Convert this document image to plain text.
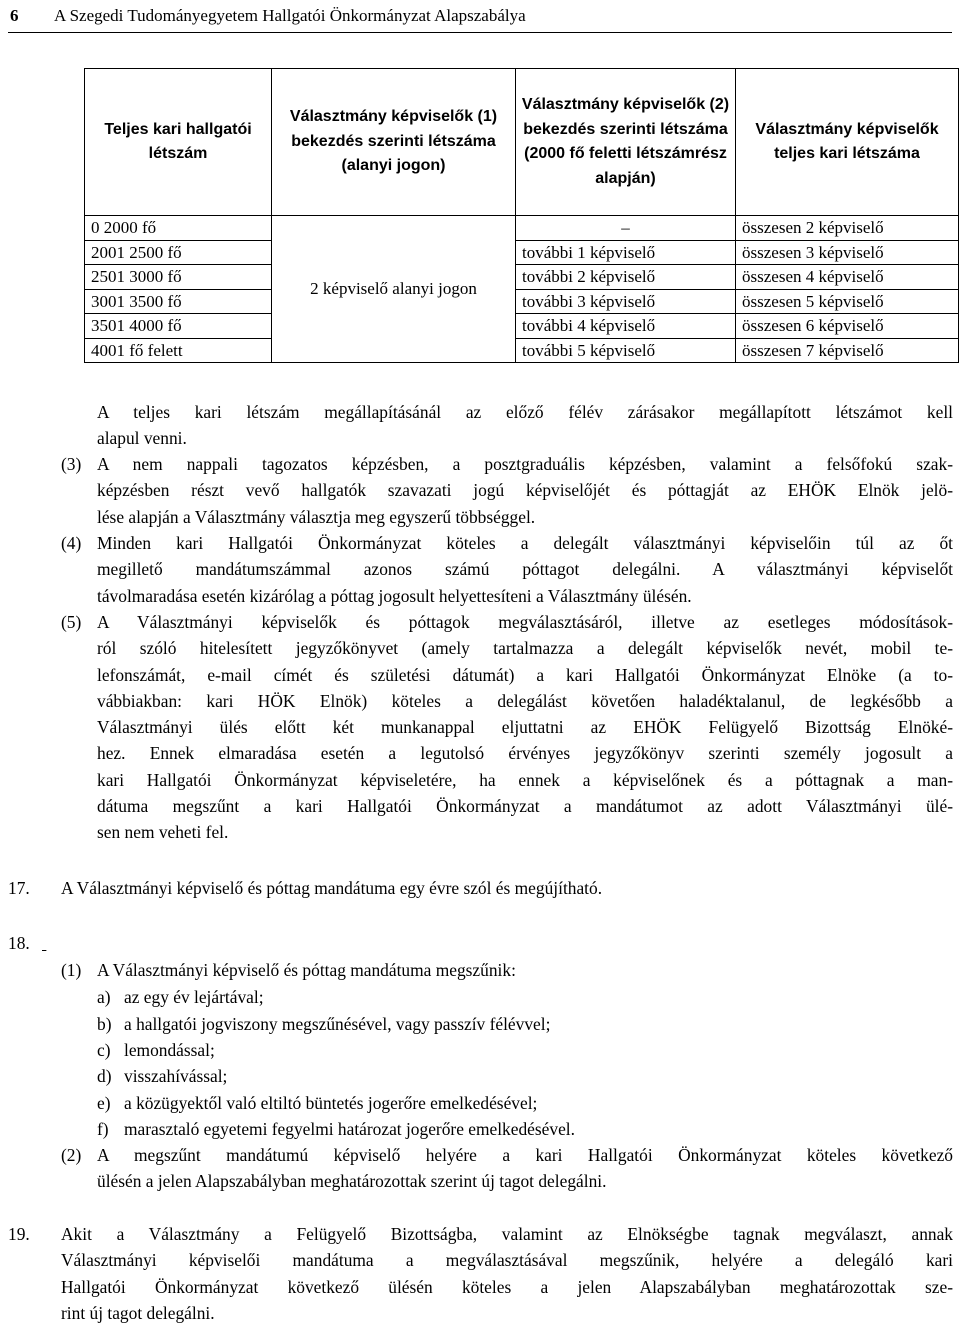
6 A Szegedi Tudományegyetem Hallgatói Önkormányzat Alapszabálya
Teljes kari hallgatói létszám	Választmány képviselők (1) bekezdés szerinti létszáma (alanyi jogon)	Választmány képviselők (2) bekezdés szerinti létszáma (2000 fő feletti létszámrész alapján)	Választmány képviselők teljes kari létszáma
0 2000 fő	2 képviselő alanyi jogon	–	összesen 2 képviselő
2001 2500 fő		további 1 képviselő	összesen 3 képviselő
2501 3000 fő		további 2 képviselő	összesen 4 képviselő
3001 3500 fő		további 3 képviselő	összesen 5 képviselő
3501 4000 fő		további 4 képviselő	összesen 6 képviselő
4001 fő felett		további 5 képviselő	összesen 7 képviselő
A teljes kari létszám megállapításánál az előző félév zárásakor megállapított létszámot kell
alapul venni.
(3) A nem nappali tagozatos képzésben, a posztgraduális képzésben, valamint a felsőfokú szak-
képzésben részt vevő hallgatók szavazati jogú képviselőjét és póttagját az EHÖK Elnök jelö-
lése alapján a Választmány választja meg egyszerű többséggel.
(4) Minden kari Hallgatói Önkormányzat köteles a delegált választmányi képviselőin túl az őt
megillető mandátumszámmal azonos számú póttagot delegálni. A választmányi képviselőt
távolmaradása esetén kizárólag a póttag jogosult helyettesíteni a Választmány ülésén.
(5) A Választmányi képviselők és póttagok megválasztásáról, illetve az esetleges módosítások-
ról szóló hitelesített jegyzőkönyvet (amely tartalmazza a delegált képviselők nevét, mobil te-
lefonszámát, e-mail címét és születési dátumát) a kari Hallgatói Önkormányzat Elnöke (a to-
vábbiakban: kari HÖK Elnök) köteles a delegálást követően haladéktalanul, de legkésőbb a
Választmányi ülés előtt két munkanappal eljuttatni az EHÖK Felügyelő Bizottság Elnöké-
hez. Ennek elmaradása esetén a legutolsó érvényes jegyzőkönyv szerinti személy jogosult a
kari Hallgatói Önkormányzat képviseletére, ha ennek a képviselőnek és a póttagnak a man-
dátuma megszűnt a kari Hallgatói Önkormányzat a mandátumot az adott Választmányi ülé-
sen nem veheti fel.
17. A Választmányi képviselő és póttag mandátuma egy évre szól és megújítható.
18.

(1) A Választmányi képviselő és póttag mandátuma megszűnik:
a) az egy év lejártával;
b) a hallgatói jogviszony megszűnésével, vagy passzív félévvel;
c) lemondással;
d) visszahívással;
e) a közügyektől való eltiltó büntetés jogerőre emelkedésével;
f) marasztaló egyetemi fegyelmi határozat jogerőre emelkedésével.
(2) A megszűnt mandátumú képviselő helyére a kari Hallgatói Önkormányzat köteles következő
ülésén a jelen Alapszabályban meghatározottak szerint új tagot delegálni.
19. Akit a Választmány a Felügyelő Bizottságba, valamint az Elnökségbe tagnak megválaszt, annak
Választmányi képviselői mandátuma a megválasztásával megszűnik, helyére a delegáló kari
Hallgatói Önkormányzat következő ülésén köteles a jelen Alapszabályban meghatározottak sze-
rint új tagot delegálni.
